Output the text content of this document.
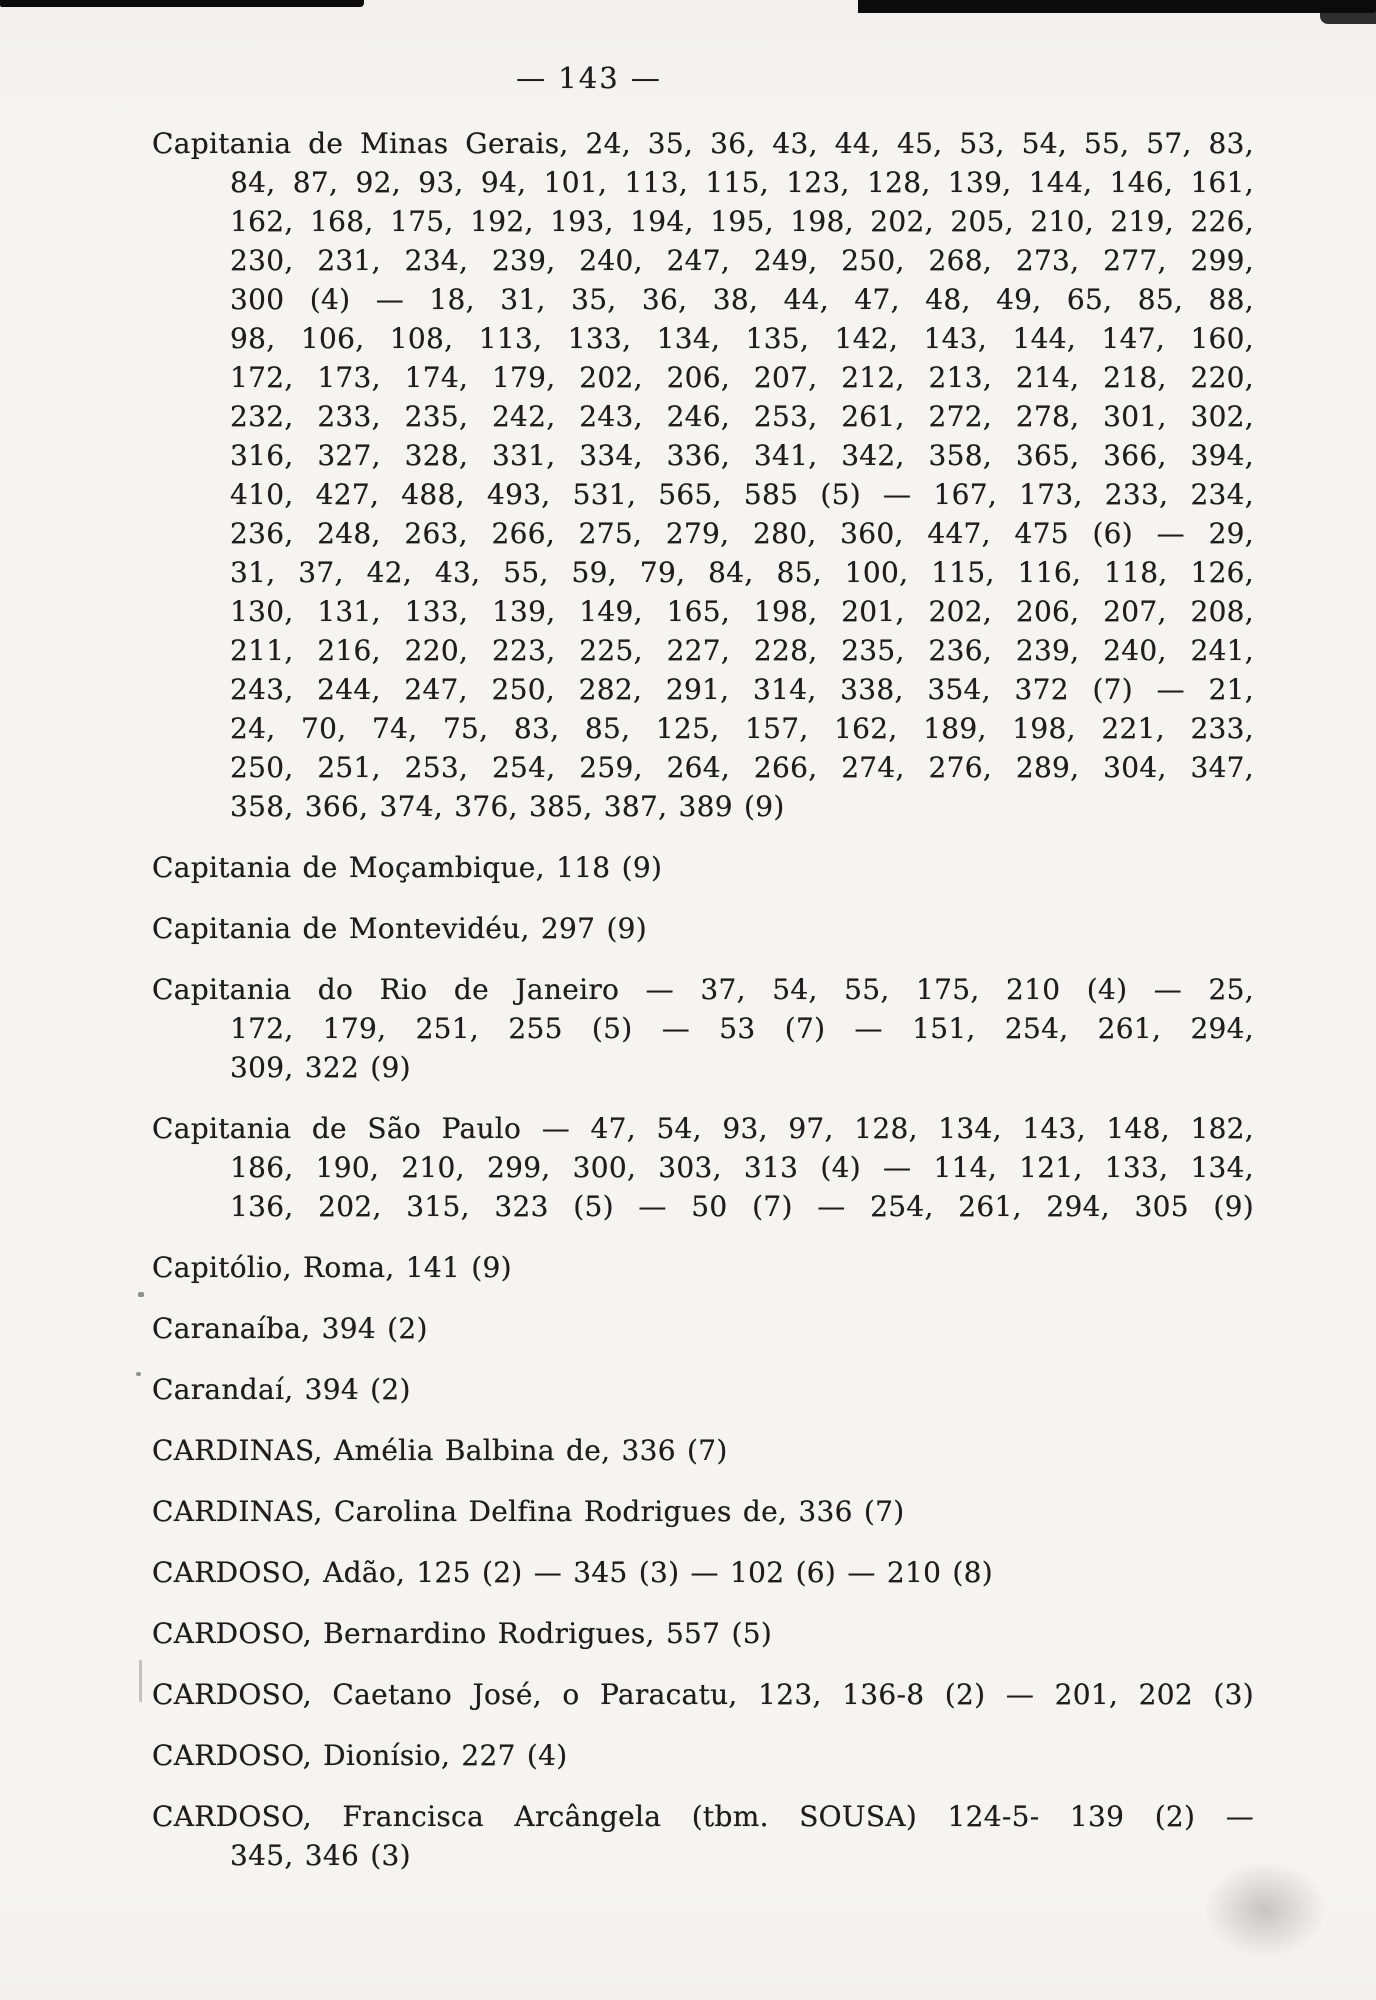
— 143 —

Capitania de Minas Gerais, 24, 35, 36, 43, 44, 45, 53, 54, 55, 57, 83,
84, 87, 92, 93, 94, 101, 113, 115, 123, 128, 139, 144, 146, 161,
162, 168, 175, 192, 193, 194, 195, 198, 202, 205, 210, 219, 226,
230, 231, 234, 239, 240, 247, 249, 250, 268, 273, 277, 299,
300 (4) — 18, 31, 35, 36, 38, 44, 47, 48, 49, 65, 85, 88,
98, 106, 108, 113, 133, 134, 135, 142, 143, 144, 147, 160,
172, 173, 174, 179, 202, 206, 207, 212, 213, 214, 218, 220,
232, 233, 235, 242, 243, 246, 253, 261, 272, 278, 301, 302,
316, 327, 328, 331, 334, 336, 341, 342, 358, 365, 366, 394,
410, 427, 488, 493, 531, 565, 585 (5) — 167, 173, 233, 234,
236, 248, 263, 266, 275, 279, 280, 360, 447, 475 (6) — 29,
31, 37, 42, 43, 55, 59, 79, 84, 85, 100, 115, 116, 118, 126,
130, 131, 133, 139, 149, 165, 198, 201, 202, 206, 207, 208,
211, 216, 220, 223, 225, 227, 228, 235, 236, 239, 240, 241,
243, 244, 247, 250, 282, 291, 314, 338, 354, 372 (7) — 21,
24, 70, 74, 75, 83, 85, 125, 157, 162, 189, 198, 221, 233,
250, 251, 253, 254, 259, 264, 266, 274, 276, 289, 304, 347,
358, 366, 374, 376, 385, 387, 389 (9)

Capitania de Moçambique, 118 (9)

Capitania de Montevidéu, 297 (9)

Capitania do Rio de Janeiro — 37, 54, 55, 175, 210 (4) — 25,
172, 179, 251, 255 (5) — 53 (7) — 151, 254, 261, 294,
309, 322 (9)

Capitania de São Paulo — 47, 54, 93, 97, 128, 134, 143, 148, 182,
186, 190, 210, 299, 300, 303, 313 (4) — 114, 121, 133, 134,
136, 202, 315, 323 (5) — 50 (7) — 254, 261, 294, 305 (9)

Capitólio, Roma, 141 (9)

Caranaíba, 394 (2)

Carandaí, 394 (2)

CARDINAS, Amélia Balbina de, 336 (7)

CARDINAS, Carolina Delfina Rodrigues de, 336 (7)

CARDOSO, Adão, 125 (2) — 345 (3) — 102 (6) — 210 (8)

CARDOSO, Bernardino Rodrigues, 557 (5)

CARDOSO, Caetano José, o Paracatu, 123, 136-8 (2) — 201, 202 (3)

CARDOSO, Dionísio, 227 (4)

CARDOSO, Francisca Arcângela (tbm. SOUSA) 124-5- 139 (2) —
345, 346 (3)
